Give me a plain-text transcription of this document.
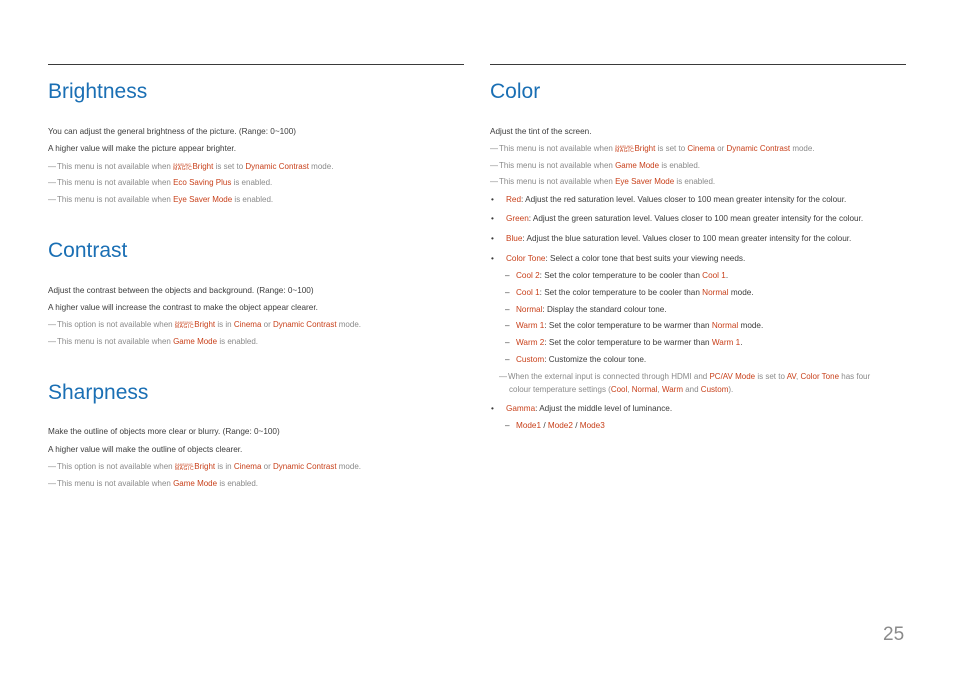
Brightness
You can adjust the general brightness of the picture. (Range: 0~100)
A higher value will make the picture appear brighter.
―This menu is not available when SAMSUNG
MAGIC Bright is set to Dynamic Contrast mode.
―This menu is not available when Eco Saving Plus is enabled.
―This menu is not available when Eye Saver Mode is enabled.
Contrast
Adjust the contrast between the objects and background. (Range: 0~100)
A higher value will increase the contrast to make the object appear clearer.
―This option is not available when SAMSUNG
MAGIC Bright is in Cinema or Dynamic Contrast mode.
―This menu is not available when Game Mode is enabled.
Sharpness
Make the outline of objects more clear or blurry. (Range: 0~100)
A higher value will make the outline of objects clearer.
―This option is not available when SAMSUNG
MAGIC Bright is in Cinema or Dynamic Contrast mode.
―This menu is not available when Game Mode is enabled.
Color
Adjust the tint of the screen.
―This menu is not available when SAMSUNG
MAGIC Bright is set to Cinema or Dynamic Contrast mode.
―This menu is not available when Game Mode is enabled.
―This menu is not available when Eye Saver Mode is enabled.
• Red: Adjust the red saturation level. Values closer to 100 mean greater intensity for the colour.
• Green: Adjust the green saturation level. Values closer to 100 mean greater intensity for the colour.
• Blue: Adjust the blue saturation level. Values closer to 100 mean greater intensity for the colour.
• Color Tone: Select a color tone that best suits your viewing needs.
– Cool 2: Set the color temperature to be cooler than Cool 1.
– Cool 1: Set the color temperature to be cooler than Normal mode.
– Normal: Display the standard colour tone.
– Warm 1: Set the color temperature to be warmer than Normal mode.
– Warm 2: Set the color temperature to be warmer than Warm 1.
– Custom: Customize the colour tone.
―When the external input is connected through HDMI and PC/AV Mode is set to AV, Color Tone has four
colour temperature settings (Cool, Normal, Warm and Custom).
• Gamma: Adjust the middle level of luminance.
– Mode1 / Mode2 / Mode3
25
